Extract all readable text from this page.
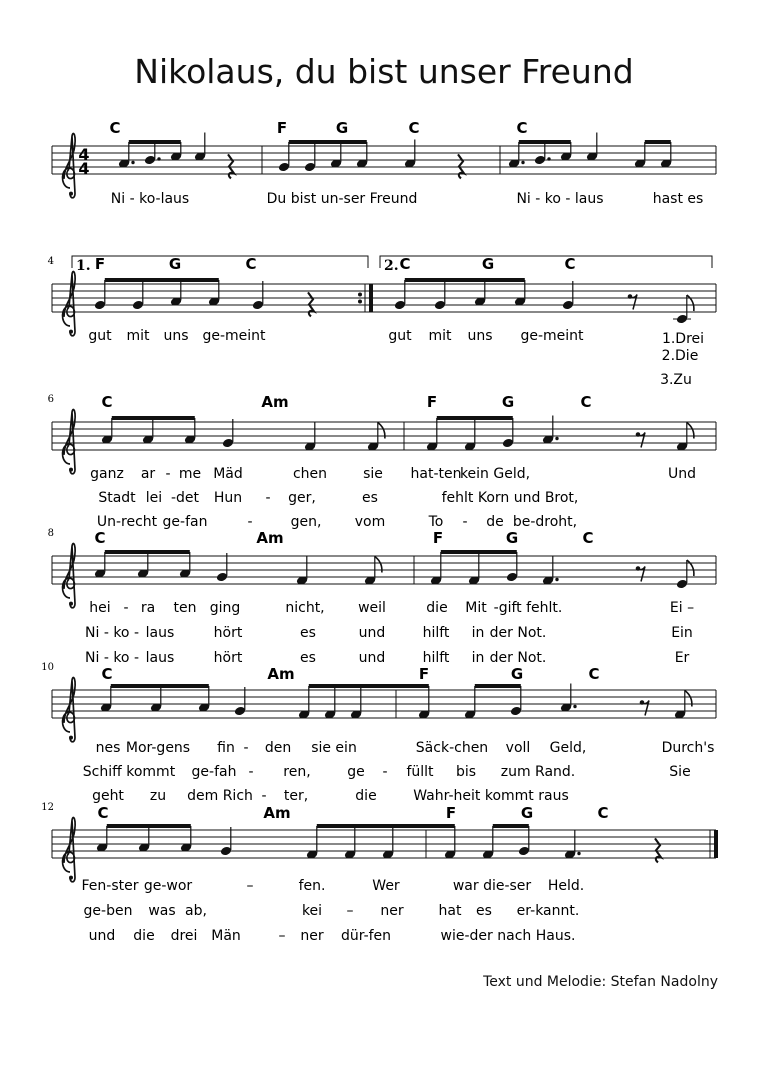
Nikolaus, du bist unser Freund
4
4
C	F	G	C	C
Ni - ko-laus	Du bist un-ser Freund	Ni - ko - laus	hast es
4 1.	2.
F	G	C	C	G	C
gut mit uns ge-meint	gut mit uns ge-meint	1.Drei
2.Die
3.Zu
6	C	Am	F	G	C
ganz ar - me Mäd	chen	sie hat-ten
kein Geld,	Und
Stadt lei -det Hun - ger,	es	fehlt Korn und Brot,
Un-recht ge-fan	-	gen, vom	To - de be-droht,
8	C	Am	F	G	C
hei - ra ten ging	nicht, weil	die Mit -gift fehlt.	Ei –
Ni - ko - laus	hört	es	und	hilft in der Not.	Ein
Ni - ko - laus	hört	es	und	hilft in der Not.	Er
10	C	Am	F	G	C
nes Mor-gens fin - den sie ein	Säck-chen voll Geld,	Durch's
Schiff kommt ge-fah - ren,	ge - füllt bis zum Rand.	Sie
geht zu dem Rich - ter,	die	Wahr-heit kommt raus
12	C	Am	F	G	C
Fen-ster ge-wor	–	fen.	Wer	war die-ser Held.
ge-ben was ab,	kei – ner hat es er-kannt.
und die drei Män	– ner dür-fen	wie-der nach Haus.
Text und Melodie: Stefan Nadolny
